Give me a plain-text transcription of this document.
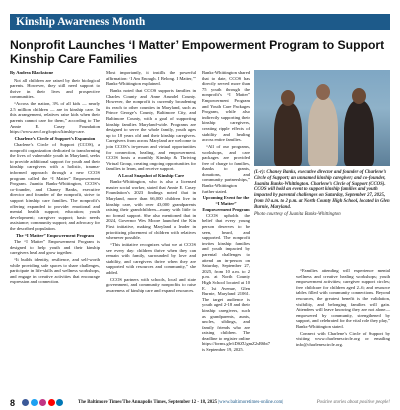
Kinship Awareness Month
Nonprofit Launches ‘I Matter’ Empowerment Program to Support Kinship Care Families

By Andrea Blackstone

Not all children are raised by their biological parents. However, they still need support to thrive in their lives and prospective communities.

“Across the nation, 3% of all kids — nearly 2.5 million children — are in kinship care. In this arrangement, relatives raise kids when their parents cannot care for them,” according to The Annie E. Casey Foundation https://www.aecf.org/topics/kinship-care.

Charlene’s Circle of Support’s Expansion

Charlene’s Circle of Support (CCOS), a nonprofit organization dedicated to transforming the lives of vulnerable youth in Maryland, seeks to provide additional support for youth and their kinship caregivers with a holistic, trauma-informed approach through a new CCOS program called the “I Matter” Empowerment Program. Juanita Banks-Whittington, CCOS’s co-founder, and Chaney Banks, executive director and founder of the nonprofit, strive to support kinship care families. The nonprofit’s offering expanded to provide: emotional and mental health support; education; youth development; caregiver support; basic needs assistance; community support; and advocacy for the described population.

The “I Matter” Empowerment Program

The “I Matter” Empowerment Program is designed to help youth and their kinship caregivers heal and grow together.

“It builds identity, resilience, and self-worth while providing safe spaces to share challenges, participate in life-skills and wellness workshops, and engage in creative activities that encourage expression and connection.

Most importantly, it instills the powerful affirmation: ‘I Am Enough. I Belong. I Matter,’” Banks-Whittington explained.

Banks noted that CCOS supports families in Charles County and Anne Arundel County. However, the nonprofit is currently broadening its reach to other counties in Maryland, such as Prince George’s County, Baltimore City, and Baltimore County, with a goal of supporting kinship families Maryland-wide. Programs are designed to serve the whole family, youth ages up to 18 years old and their kinship caregivers. Caregivers from across Maryland are welcome to join CCOS’s in-person and virtual opportunities for connection, healing, and empowerment. CCOS hosts a monthly Kinship & Thriving Virtual Group, creating ongoing opportunities for families to learn, and receive support.

A Local Snapshot of Kinship Care

Banks-Whittington, who is also a licensed master social worker, stated that Annie E. Casey Foundation’s 2023 findings noted that in Maryland, more than 66,000 children live in kinship care, with over 43,000 grandparents raising their grandchildren—many with little to no formal support. She also mentioned that in 2024, Governor Wes Moore launched the Kin First initiative, making Maryland a leader in prioritizing placement of children with relatives whenever possible.

“This initiative recognizes what we at CCOS see every day: children thrive when they can remain with family, surrounded by love and stability, and caregivers thrive when they are supported with resources and community,” she added.

CCOS partners with schools, local and state government, and community nonprofits to raise awareness of kinship care and expand resources.

Banks-Whittington shared that to date, CCOS has directly served more than 75 youth through the nonprofit’s “I Matter” Empowerment Program and Youth Care Packages Program, while also indirectly supporting their kinship caregivers, creating ripple effects of stability and healing across entire families.

“All of our programs, workshops, and care packages are provided free of charge to families, thanks to grants, donations, and community partnerships,” Banks-Whittington further stated.

Upcoming Event for the “I Matter” Empowerment Program

CCOS upholds the belief that every young person deserves to be seen, heard, and supported. The nonprofit invites kinship families and youth impacted by parental challenges to attend an in-person on Saturday, September 27, 2025, from 10 a.m. to 2 p.m. at North County High School located at 10 E. 1st Avenue, Glen Burnie, Maryland 21061. The target audience is youth aged 2-18 and their kinship caregivers, such as grandparents, aunts, uncles, siblings, and family friends who are raising children. The deadline to register online https://forms.gle/iDSZUgmZ2sR6bt7 is September 19, 2025.

(L-r): Chaney Banks, executive director and founder of Charlene’s Circle of Support; an unnamed kinship caregiver; and co-founder, Juanita Banks-Whittington. Charlene’s Circle of Support (CCOS). CCOS will hold an event to support kinship families and youth impacted by parental challenges on Saturday, September 27, 2025, from 10 a.m. to 2 p.m. at North County High School, located in Glen Burnie, Maryland.
Photo courtesy of Juanita Banks-Whittington

“Families attending will experience mental wellness and creative healing workshops; youth empowerment activities; caregiver support circles; free childcare for children aged 2–6; and resource tables filled with community connections. Beyond resources, the greatest benefit is the validation, visibility, and belonging families will gain. Attendees will leave knowing they are not alone—empowered by community, strengthened by support, and celebrated for the vital role they play,” Banks-Whittington stated.

Connect with Charlene’s Circle of Support by visiting www.charlenescircle.org or emailing info@charlenescircle.org.

8	The Baltimore Times/The Annapolis Times, September 12 - 18, 2025 |www.baltimoretimes-online.com|	Positive stories about positive people!
